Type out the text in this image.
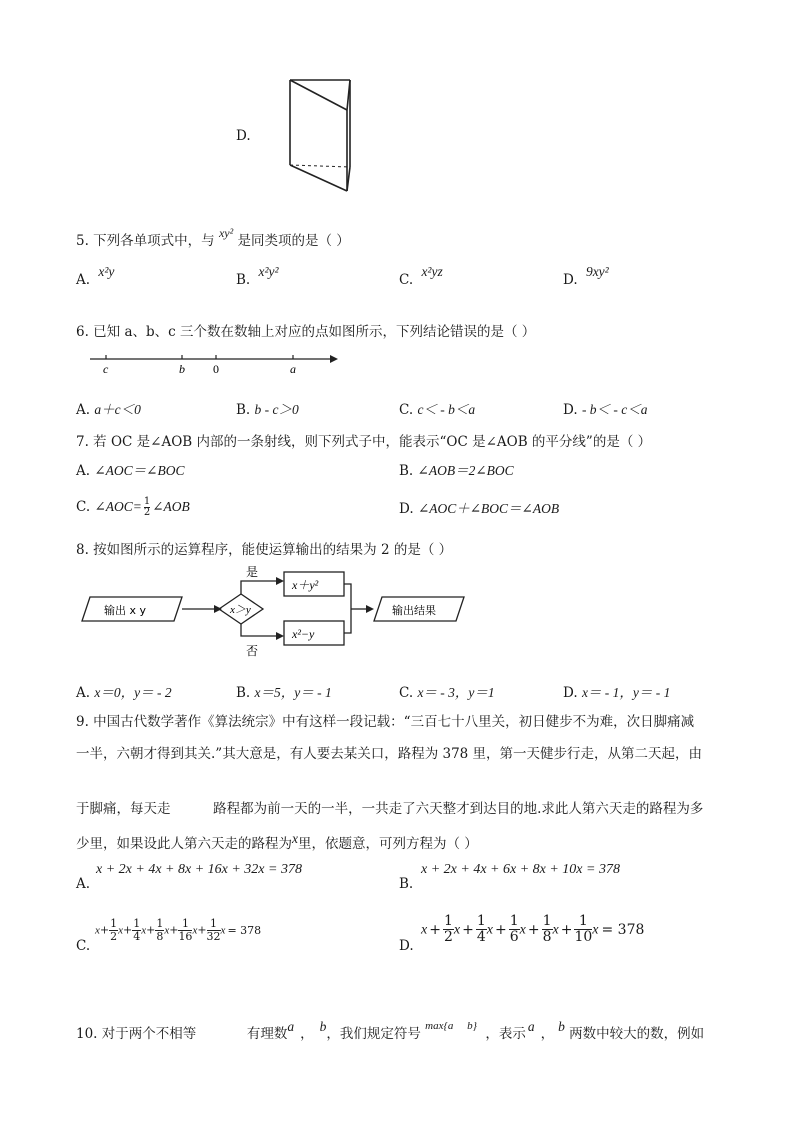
D.
5. 下列各单项式中，与 xy² 是同类项的是（ ）
A. x²y
B. x²y²
C. x²yz
D. 9xy²
6. 已知 a、b、c 三个数在数轴上对应的点如图所示，下列结论错误的是（ ）
c	b 0	a
A. a＋c＜0	B. b - c＞0	C. c＜ - b＜a	D. - b＜ - c＜a
7. 若 OC 是∠AOB 内部的一条射线，则下列式子中，能表示“OC 是∠AOB 的平分线”的是（ ）
A. ∠AOC＝∠BOC	B. ∠AOB＝2∠BOC
C. ∠AOC= $\frac{1}{2}$ ∠AOB	D. ∠AOC＋∠BOC＝∠AOB
8. 按如图所示的运算程序，能使运算输出的结果为 2 的是（ ）
输出 x y	x＞y
是
否
x＋y²
x²−y
输出结果
A. x＝0，y＝ - 2	B. x＝5，y＝ - 1	C. x＝ - 3，y＝1	D. x＝ - 1，y＝ - 1
9. 中国古代数学著作《算法统宗》中有这样一段记载：“三百七十八里关，初日健步不为难，次日脚痛减
一半，六朝才得到其关.”其大意是，有人要去某关口，路程为 378 里，第一天健步行走，从第二天起，由
于脚痛，每天走	路程都为前一天的一半，一共走了六天整才到达目的地.求此人第六天走的路程为多
少里，如果设此人第六天走的路程为x里，依题意，可列方程为（ ）
A.
x + 2x + 4x + 8x + 16x + 32x = 378
B.
x + 2x + 4x + 6x + 8x + 10x = 378
C.
$x+ \frac{1}{2} x+ \frac{1}{4} x+ \frac{1}{8} x+ \frac{1}{16} x+ \frac{1}{32}$ x = 378
D.
$x + \frac{1}{2}$ $x + \frac{1}{4}$ $x + \frac{1}{6}$ $x + \frac{1}{8}$ $x + \frac{1}{10}$ x = 378
10. 对于两个不相等	有理数a ， b，我们规定符号 $^{max\{a b\}}$ ，表示 a ， b 两数中较大的数，例如
